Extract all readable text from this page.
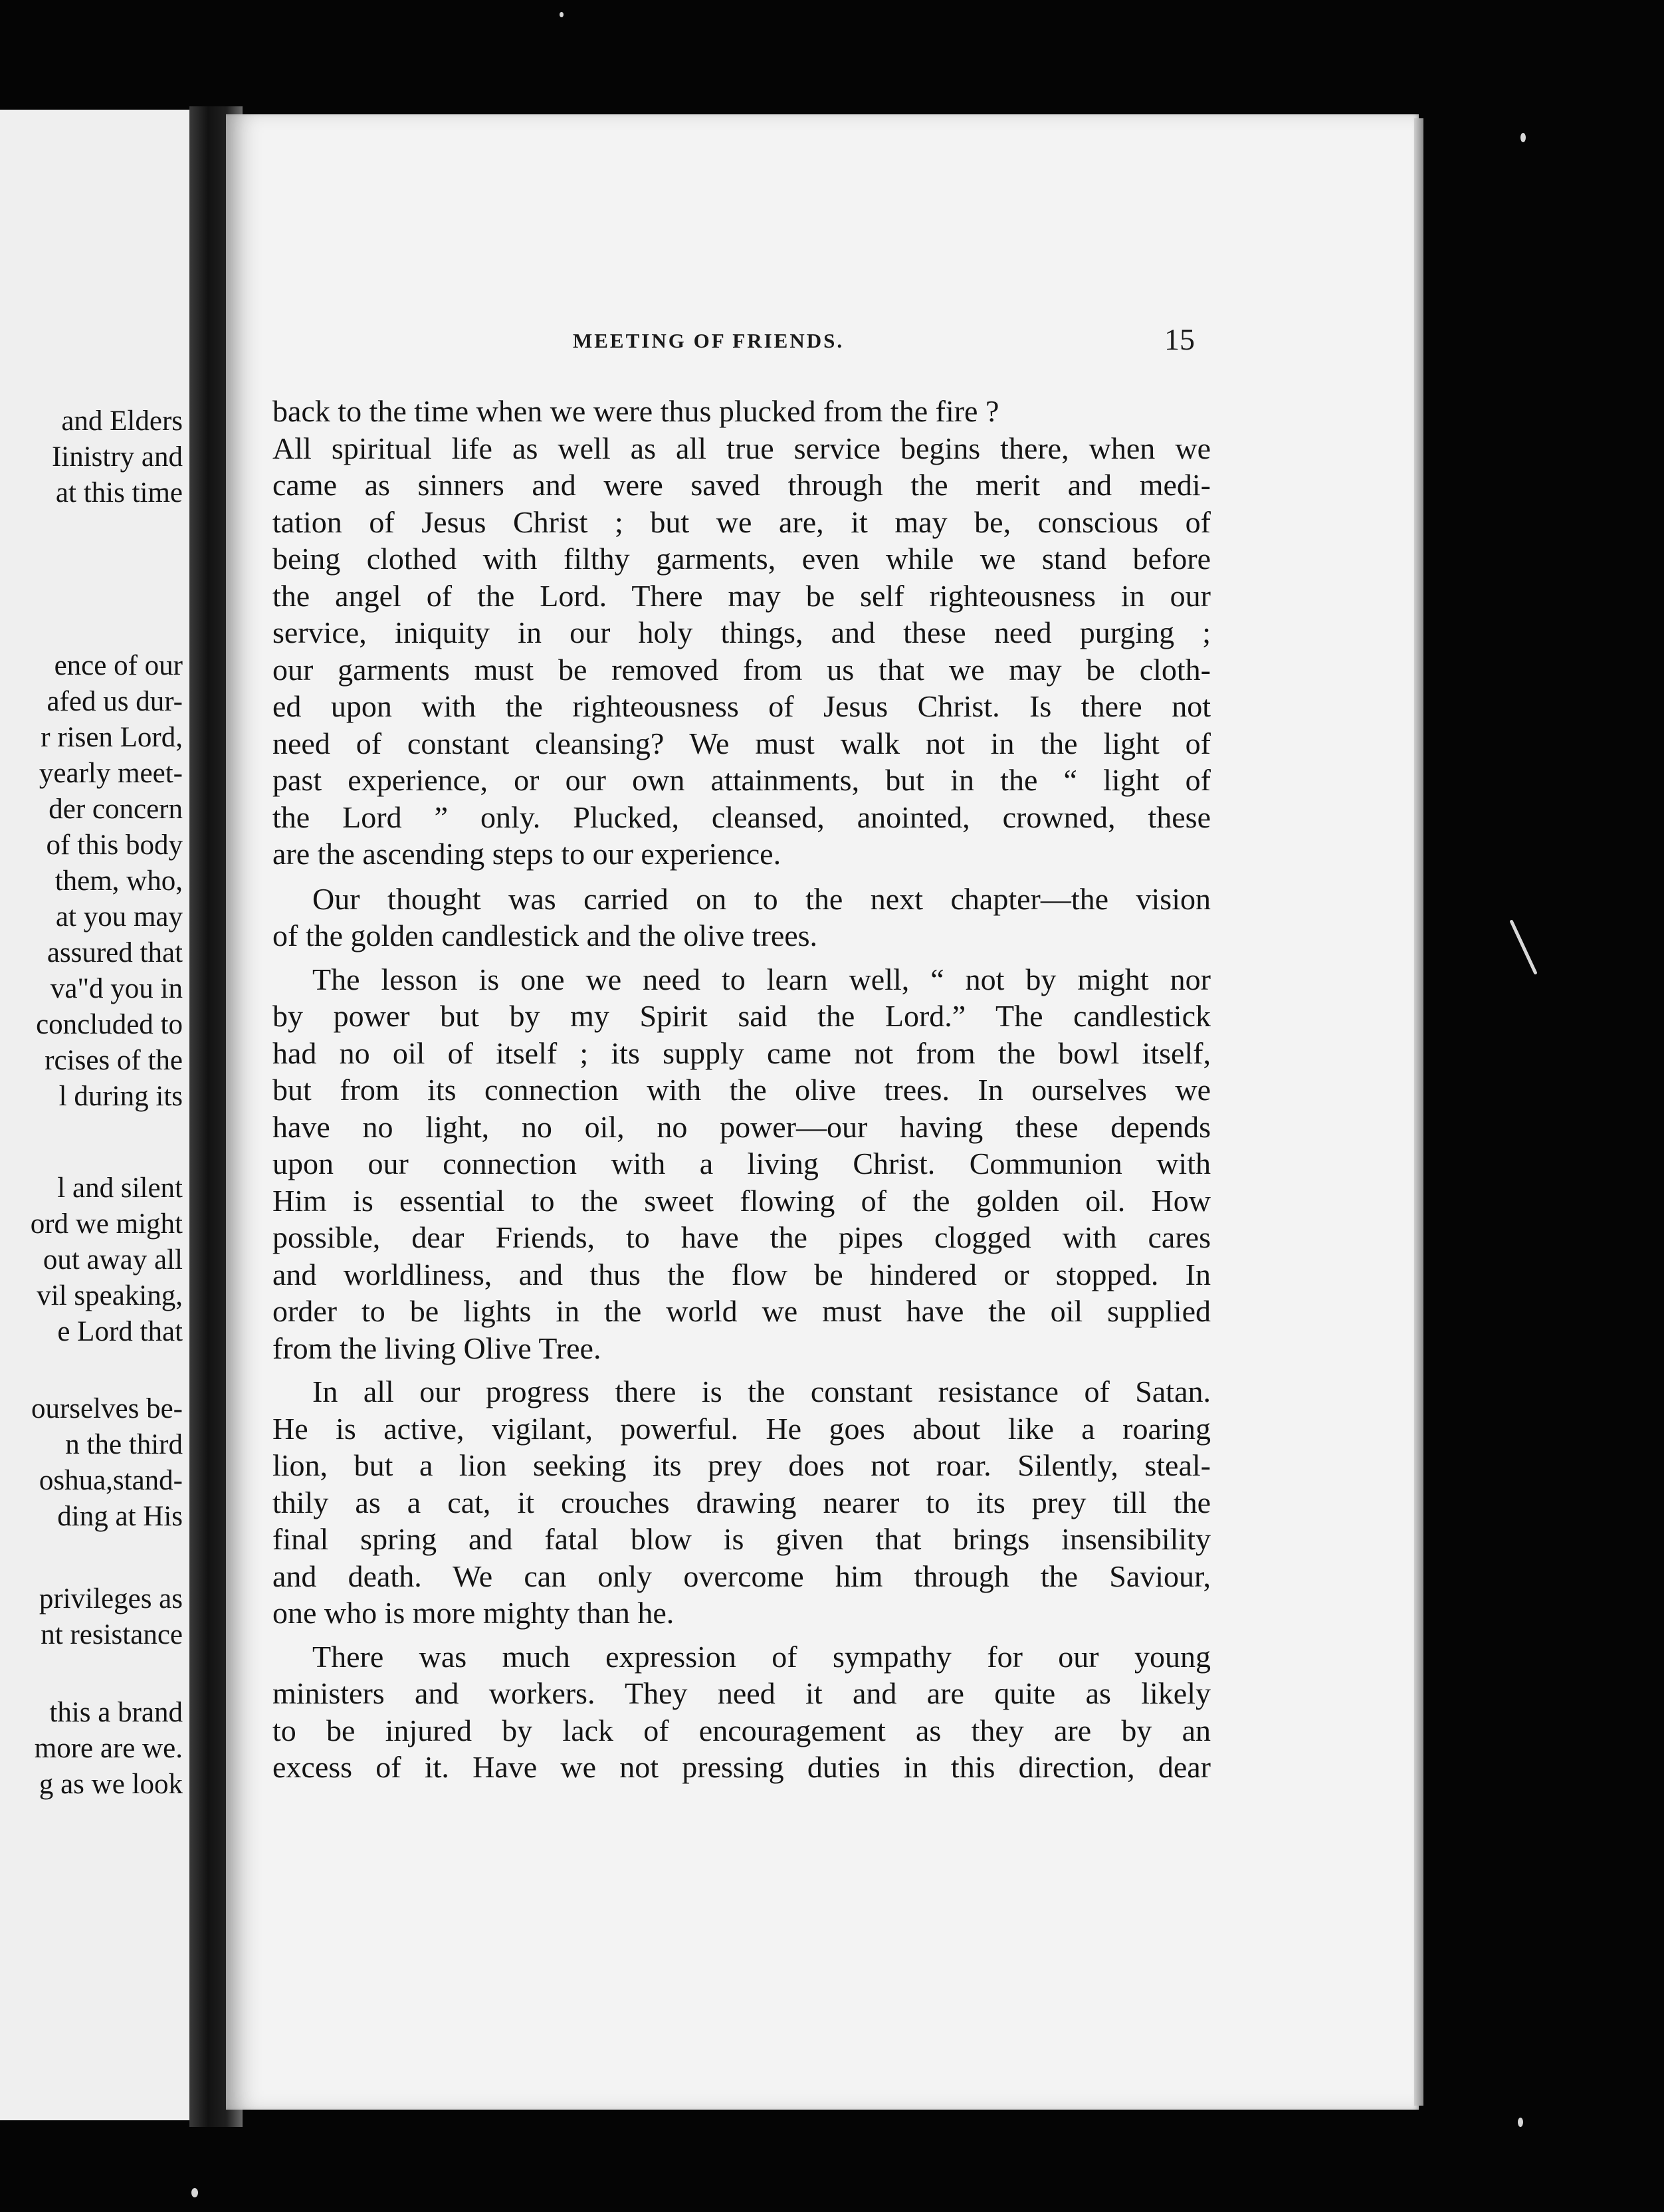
and Elders
Iinistry and
at this time
ence of our
afed us dur-
r risen Lord,
yearly meet-
der concern
of this body
them, who,
at you may
assured that
va"d you in
concluded to
rcises of the
l during its
l and silent
ord we might
out away all
vil speaking,
e Lord that
ourselves be-
n the third
oshua,stand-
ding at His
privileges as
nt resistance
this a brand
more are we.
g as we look
MEETING OF FRIENDS.	15
back to the time when we were thus plucked from the fire ?
All spiritual life as well as all true service begins there, when we
came as sinners and were saved through the merit and medi-
tation of Jesus Christ ; but we are, it may be, conscious of
being clothed with filthy garments, even while we stand before
the angel of the Lord. There may be self righteousness in our
service, iniquity in our holy things, and these need purging ;
our garments must be removed from us that we may be cloth-
ed upon with the righteousness of Jesus Christ. Is there not
need of constant cleansing? We must walk not in the light of
past experience, or our own attainments, but in the “ light of
the Lord ” only. Plucked, cleansed, anointed, crowned, these
are the ascending steps to our experience.
Our thought was carried on to the next chapter—the vision
of the golden candlestick and the olive trees.
The lesson is one we need to learn well, “ not by might nor
by power but by my Spirit said the Lord.” The candlestick
had no oil of itself ; its supply came not from the bowl itself,
but from its connection with the olive trees. In ourselves we
have no light, no oil, no power—our having these depends
upon our connection with a living Christ. Communion with
Him is essential to the sweet flowing of the golden oil. How
possible, dear Friends, to have the pipes clogged with cares
and worldliness, and thus the flow be hindered or stopped. In
order to be lights in the world we must have the oil supplied
from the living Olive Tree.
In all our progress there is the constant resistance of Satan.
He is active, vigilant, powerful. He goes about like a roaring
lion, but a lion seeking its prey does not roar. Silently, steal-
thily as a cat, it crouches drawing nearer to its prey till the
final spring and fatal blow is given that brings insensibility
and death. We can only overcome him through the Saviour,
one who is more mighty than he.
There was much expression of sympathy for our young
ministers and workers. They need it and are quite as likely
to be injured by lack of encouragement as they are by an
excess of it. Have we not pressing duties in this direction, dear
